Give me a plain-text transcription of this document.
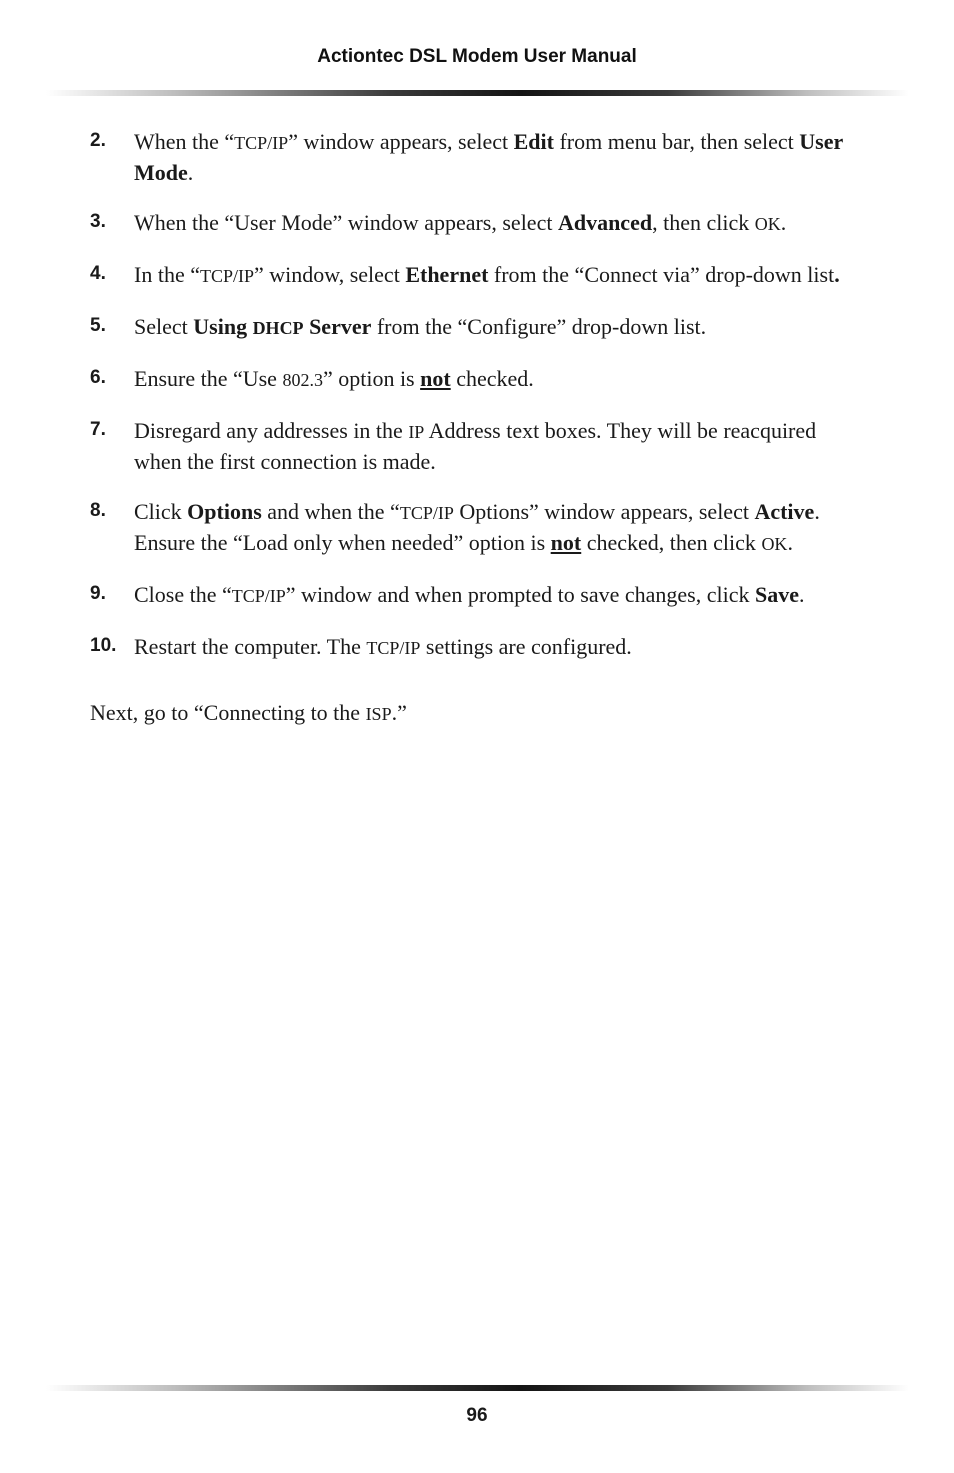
Actiontec DSL Modem User Manual
2. When the “TCP/IP” window appears, select Edit from menu bar, then select User Mode.
3. When the “User Mode” window appears, select Advanced, then click OK.
4. In the “TCP/IP” window, select Ethernet from the “Connect via” drop-down list.
5. Select Using DHCP Server from the “Configure” drop-down list.
6. Ensure the “Use 802.3” option is not checked.
7. Disregard any addresses in the IP Address text boxes. They will be reacquired when the first connection is made.
8. Click Options and when the “TCP/IP Options” window appears, select Active. Ensure the “Load only when needed” option is not checked, then click OK.
9. Close the “TCP/IP” window and when prompted to save changes, click Save.
10. Restart the computer. The TCP/IP settings are configured.
Next, go to “Connecting to the ISP.”
96
